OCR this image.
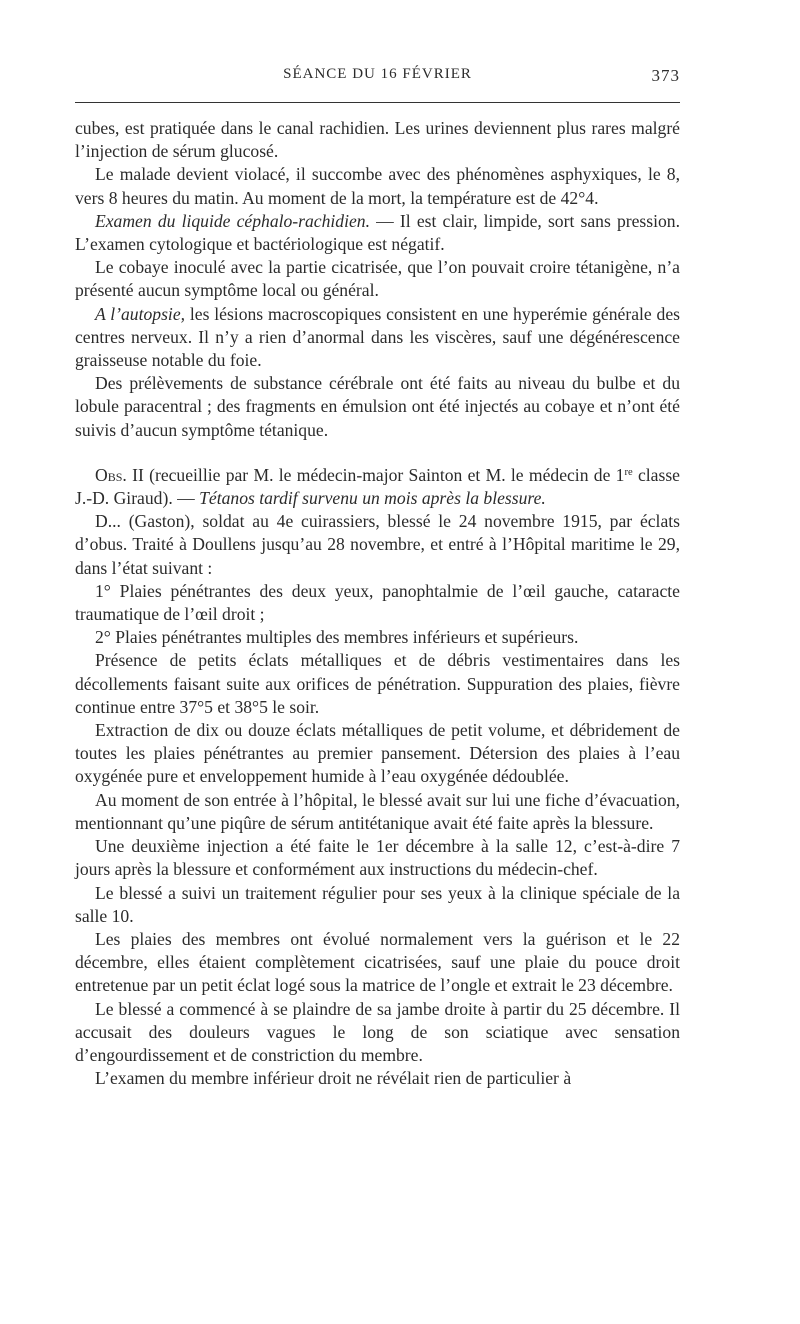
SÉANCE DU 16 FÉVRIER	373

cubes, est pratiquée dans le canal rachidien. Les urines deviennent plus rares malgré l’injection de sérum glucosé.

Le malade devient violacé, il succombe avec des phénomènes asphyxiques, le 8, vers 8 heures du matin. Au moment de la mort, la température est de 42°4.

Examen du liquide céphalo-rachidien. — Il est clair, limpide, sort sans pression. L’examen cytologique et bactériologique est négatif.

Le cobaye inoculé avec la partie cicatrisée, que l’on pouvait croire tétanigène, n’a présenté aucun symptôme local ou général.

A l’autopsie, les lésions macroscopiques consistent en une hyperémie générale des centres nerveux. Il n’y a rien d’anormal dans les viscères, sauf une dégénérescence graisseuse notable du foie.

Des prélèvements de substance cérébrale ont été faits au niveau du bulbe et du lobule paracentral ; des fragments en émulsion ont été injectés au cobaye et n’ont été suivis d’aucun symptôme tétanique.

Obs. II (recueillie par M. le médecin-major Sainton et M. le médecin de 1re classe J.-D. Giraud). — Tétanos tardif survenu un mois après la blessure.

D... (Gaston), soldat au 4e cuirassiers, blessé le 24 novembre 1915, par éclats d’obus. Traité à Doullens jusqu’au 28 novembre, et entré à l’Hôpital maritime le 29, dans l’état suivant :

1° Plaies pénétrantes des deux yeux, panophtalmie de l’œil gauche, cataracte traumatique de l’œil droit ;

2° Plaies pénétrantes multiples des membres inférieurs et supérieurs.

Présence de petits éclats métalliques et de débris vestimentaires dans les décollements faisant suite aux orifices de pénétration. Suppuration des plaies, fièvre continue entre 37°5 et 38°5 le soir.

Extraction de dix ou douze éclats métalliques de petit volume, et débridement de toutes les plaies pénétrantes au premier pansement. Détersion des plaies à l’eau oxygénée pure et enveloppement humide à l’eau oxygénée dédoublée.

Au moment de son entrée à l’hôpital, le blessé avait sur lui une fiche d’évacuation, mentionnant qu’une piqûre de sérum antitétanique avait été faite après la blessure.

Une deuxième injection a été faite le 1er décembre à la salle 12, c’est-à-dire 7 jours après la blessure et conformément aux instructions du médecin-chef.

Le blessé a suivi un traitement régulier pour ses yeux à la clinique spéciale de la salle 10.

Les plaies des membres ont évolué normalement vers la guérison et le 22 décembre, elles étaient complètement cicatrisées, sauf une plaie du pouce droit entretenue par un petit éclat logé sous la matrice de l’ongle et extrait le 23 décembre.

Le blessé a commencé à se plaindre de sa jambe droite à partir du 25 décembre. Il accusait des douleurs vagues le long de son sciatique avec sensation d’engourdissement et de constriction du membre.

L’examen du membre inférieur droit ne révélait rien de particulier à
